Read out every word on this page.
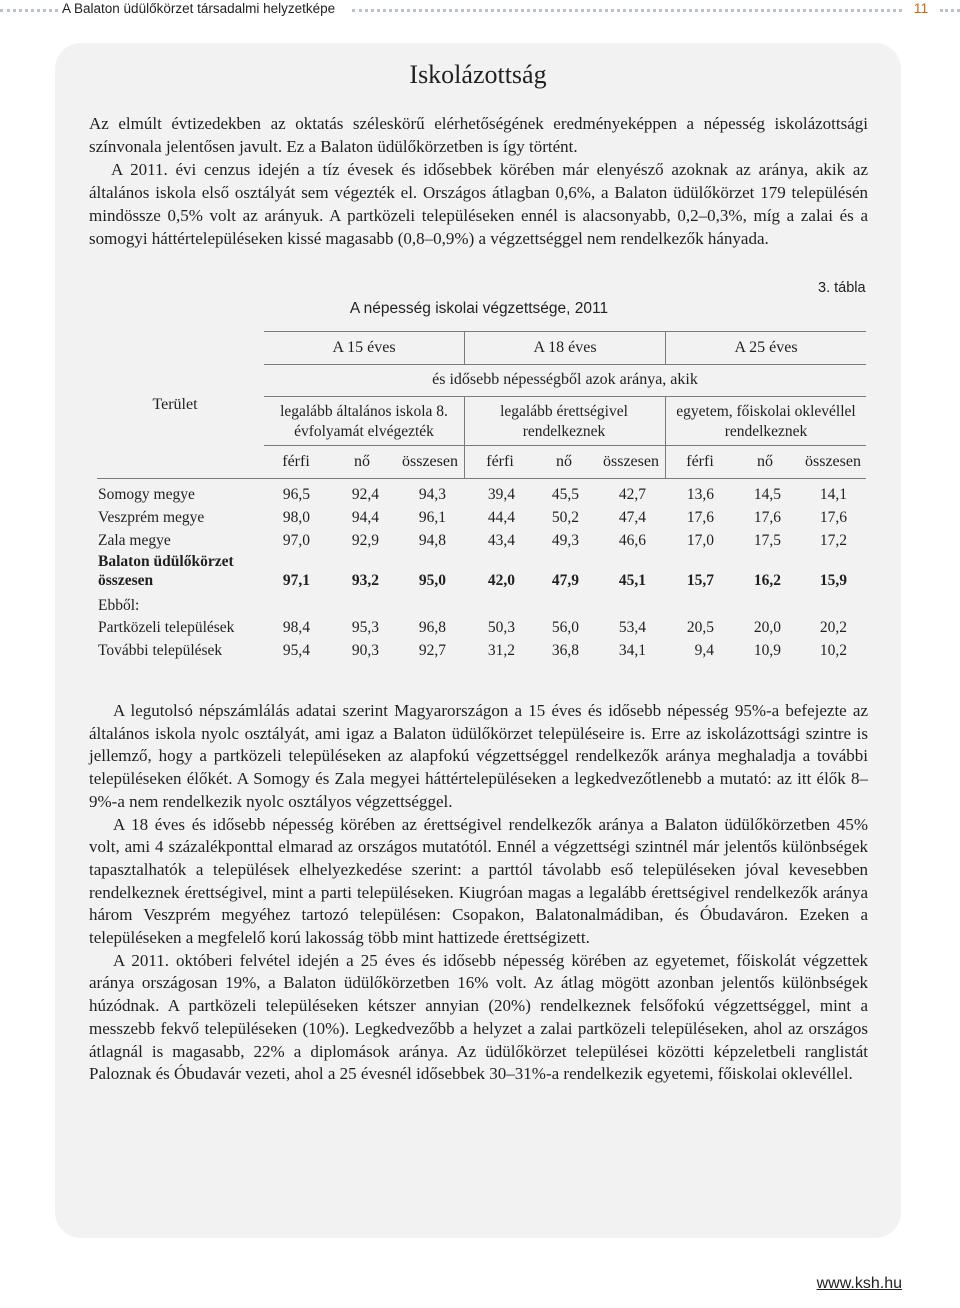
A Balaton üdülőkörzet társadalmi helyzetképe	11
Iskolázottság

Az elmúlt évtizedekben az oktatás széleskörű elérhetőségének eredményeképpen a népesség iskolázottsági színvonala jelentősen javult. Ez a Balaton üdülőkörzetben is így történt.

A 2011. évi cenzus idején a tíz évesek és idősebbek körében már elenyésző azoknak az aránya, akik az általános iskola első osztályát sem végezték el. Országos átlagban 0,6%, a Balaton üdülőkörzet 179 településén mindössze 0,5% volt az arányuk. A partközeli településeken ennél is alacsonyabb, 0,2–0,3%, míg a zalai és a somogyi háttértelepüléseken kissé magasabb (0,8–0,9%) a végzettséggel nem rendelkezők hányada.

3. tábla
A népesség iskolai végzettsége, 2011
Terület
A 15 éves	A 18 éves	A 25 éves
és idősebb népességből azok aránya, akik
legalább általános iskola 8. évfolyamát elvégezték
legalább érettségivel rendelkeznek
egyetem, főiskolai oklevéllel rendelkeznek
férfi	nő	összesen	férfi	nő	összesen	férfi	nő	összesen
Somogy megye	96,5	92,4	94,3	39,4	45,5	42,7	13,6	14,5	14,1
Veszprém megye	98,0	94,4	96,1	44,4	50,2	47,4	17,6	17,6	17,6
Zala megye	97,0	92,9	94,8	43,4	49,3	46,6	17,0	17,5	17,2
Balaton üdülőkörzet
összesen	97,1	93,2	95,0	42,0	47,9	45,1	15,7	16,2	15,9
Ebből:
Partközeli települések	98,4	95,3	96,8	50,3	56,0	53,4	20,5	20,0	20,2
További települések	95,4	90,3	92,7	31,2	36,8	34,1	9,4	10,9	10,2

A legutolsó népszámlálás adatai szerint Magyarországon a 15 éves és idősebb népesség 95%-a befejezte az általános iskola nyolc osztályát, ami igaz a Balaton üdülőkörzet településeire is. Erre az iskolázottsági szintre is jellemző, hogy a partközeli településeken az alapfokú végzettséggel rendelkezők aránya meghaladja a további településeken élőkét. A Somogy és Zala megyei háttértelepüléseken a legkedvezőtlenebb a mutató: az itt élők 8–9%-a nem rendelkezik nyolc osztályos végzettséggel.

A 18 éves és idősebb népesség körében az érettségivel rendelkezők aránya a Balaton üdülőkörzetben 45% volt, ami 4 százalékponttal elmarad az országos mutatótól. Ennél a végzettségi szintnél már jelentős különbségek tapasztalhatók a települések elhelyezkedése szerint: a parttól távolabb eső településeken jóval kevesebben rendelkeznek érettségivel, mint a parti településeken. Kiugróan magas a legalább érettségivel rendelkezők aránya három Veszprém megyéhez tartozó településen: Csopakon, Balatonalmádiban, és Óbudaváron. Ezeken a településeken a megfelelő korú lakosság több mint hattizede érettségizett.

A 2011. októberi felvétel idején a 25 éves és idősebb népesség körében az egyetemet, főiskolát végzettek aránya országosan 19%, a Balaton üdülőkörzetben 16% volt. Az átlag mögött azonban jelentős különbségek húzódnak. A partközeli településeken kétszer annyian (20%) rendelkeznek felsőfokú végzettséggel, mint a messzebb fekvő településeken (10%). Legkedvezőbb a helyzet a zalai partközeli településeken, ahol az országos átlagnál is magasabb, 22% a diplomások aránya. Az üdülőkörzet települései közötti képzeletbeli ranglistát Paloznak és Óbudavár vezeti, ahol a 25 évesnél idősebbek 30–31%-a rendelkezik egyetemi, főiskolai oklevéllel.

www.ksh.hu
